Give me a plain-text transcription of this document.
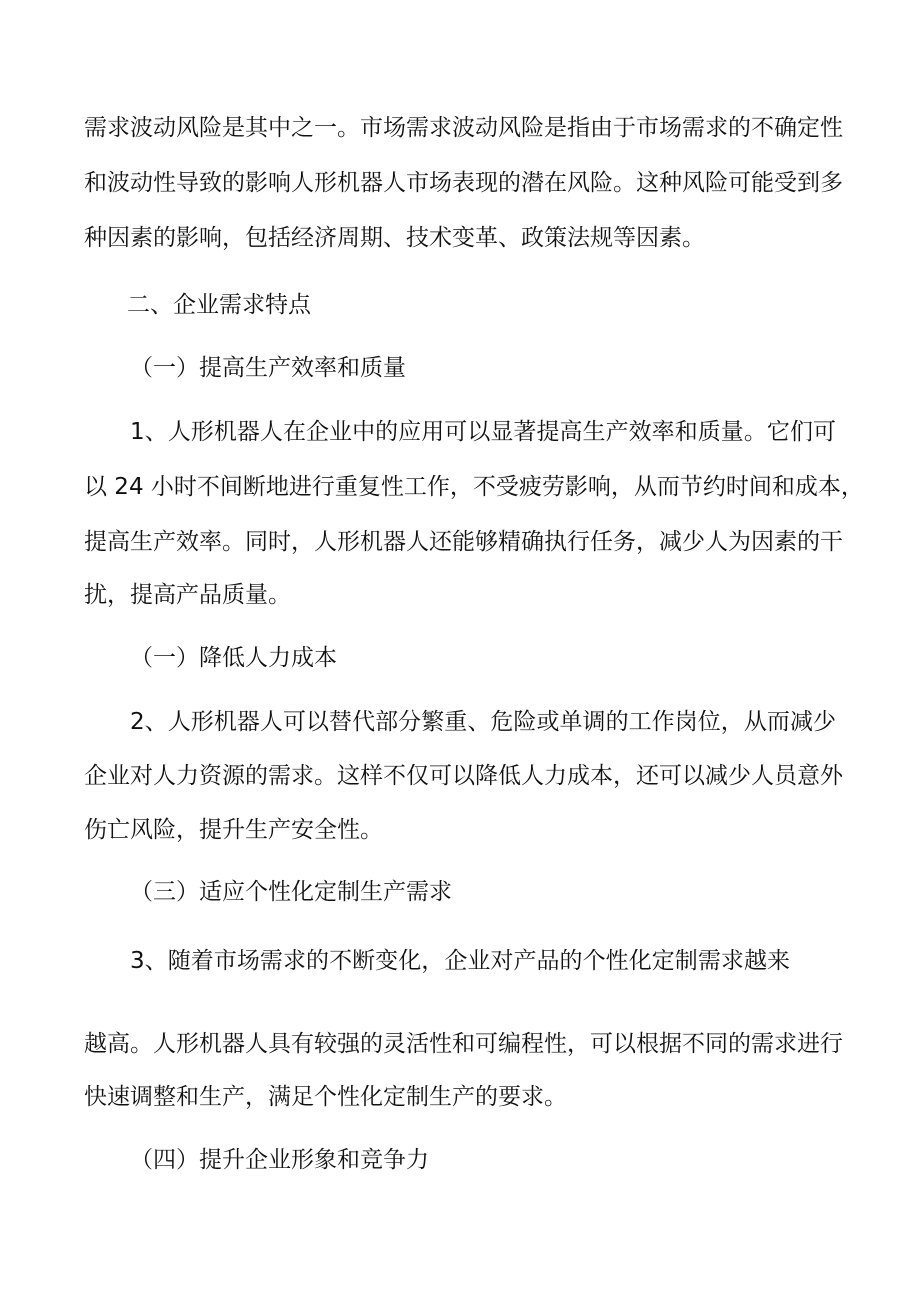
需求波动风险是其中之一。市场需求波动风险是指由于市场需求的不确定性
和波动性导致的影响人形机器人市场表现的潜在风险。这种风险可能受到多
种因素的影响，包括经济周期、技术变革、政策法规等因素。
二、企业需求特点
（一）提高生产效率和质量
1、人形机器人在企业中的应用可以显著提高生产效率和质量。它们可
以 24 小时不间断地进行重复性工作，不受疲劳影响，从而节约时间和成本，
提高生产效率。同时，人形机器人还能够精确执行任务，减少人为因素的干
扰，提高产品质量。
（一）降低人力成本
2、人形机器人可以替代部分繁重、危险或单调的工作岗位，从而减少
企业对人力资源的需求。这样不仅可以降低人力成本，还可以减少人员意外
伤亡风险，提升生产安全性。
（三）适应个性化定制生产需求
3、随着市场需求的不断变化，企业对产品的个性化定制需求越来
越高。人形机器人具有较强的灵活性和可编程性，可以根据不同的需求进行
快速调整和生产，满足个性化定制生产的要求。
（四）提升企业形象和竞争力
